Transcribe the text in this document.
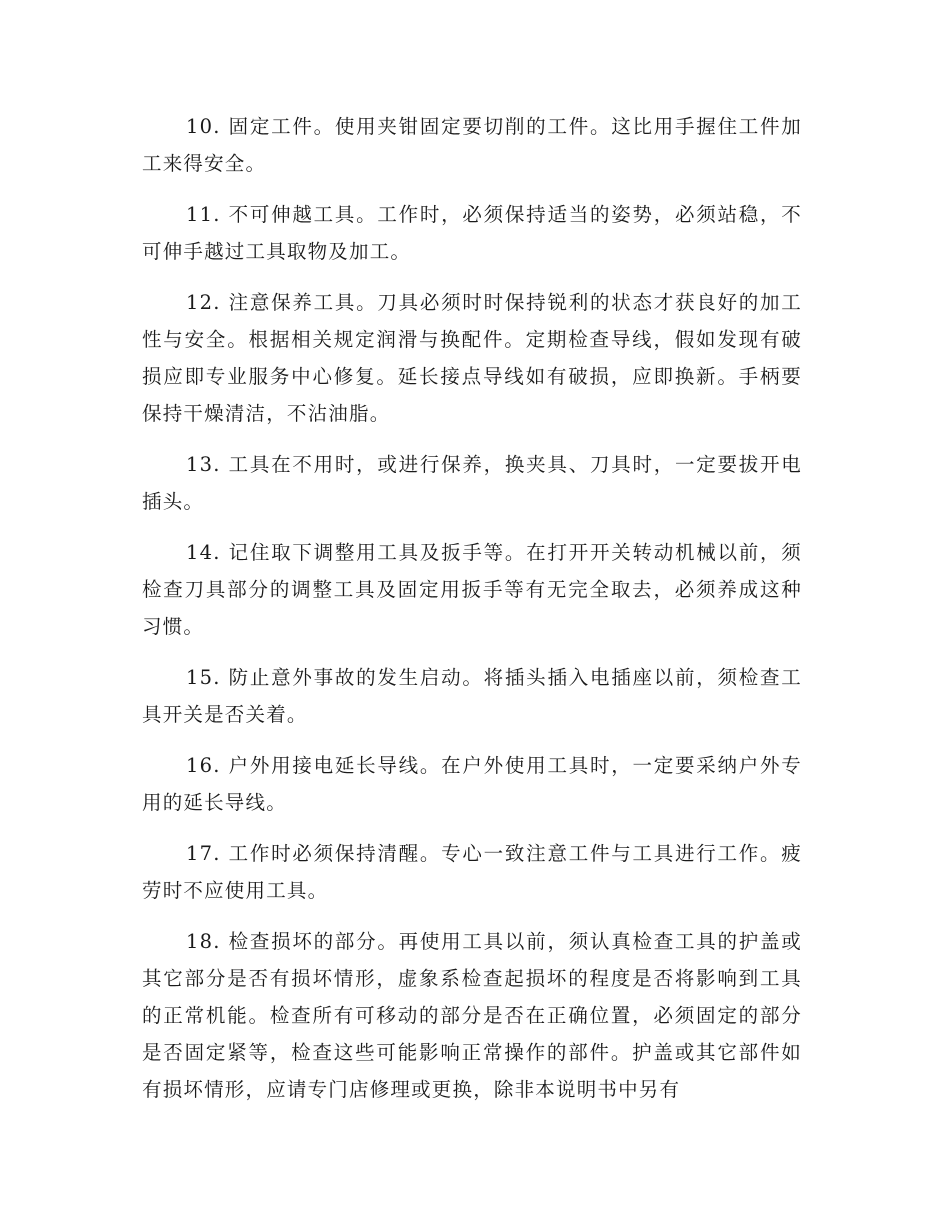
10. 固定工件。使用夹钳固定要切削的工件。这比用手握住工件加工来得安全。

11. 不可伸越工具。工作时，必须保持适当的姿势，必须站稳，不可伸手越过工具取物及加工。

12. 注意保养工具。刀具必须时时保持锐利的状态才获良好的加工性与安全。根据相关规定润滑与换配件。定期检查导线，假如发现有破损应即专业服务中心修复。延长接点导线如有破损，应即换新。手柄要保持干燥清洁，不沾油脂。

13. 工具在不用时，或进行保养，换夹具、刀具时，一定要拔开电插头。

14. 记住取下调整用工具及扳手等。在打开开关转动机械以前，须检查刀具部分的调整工具及固定用扳手等有无完全取去，必须养成这种习惯。

15. 防止意外事故的发生启动。将插头插入电插座以前，须检查工具开关是否关着。

16. 户外用接电延长导线。在户外使用工具时，一定要采纳户外专用的延长导线。

17. 工作时必须保持清醒。专心一致注意工件与工具进行工作。疲劳时不应使用工具。

18. 检查损坏的部分。再使用工具以前，须认真检查工具的护盖或其它部分是否有损坏情形，虚象系检查起损坏的程度是否将影响到工具的正常机能。检查所有可移动的部分是否在正确位置，必须固定的部分是否固定紧等，检查这些可能影响正常操作的部件。护盖或其它部件如有损坏情形，应请专门店修理或更换，除非本说明书中另有
